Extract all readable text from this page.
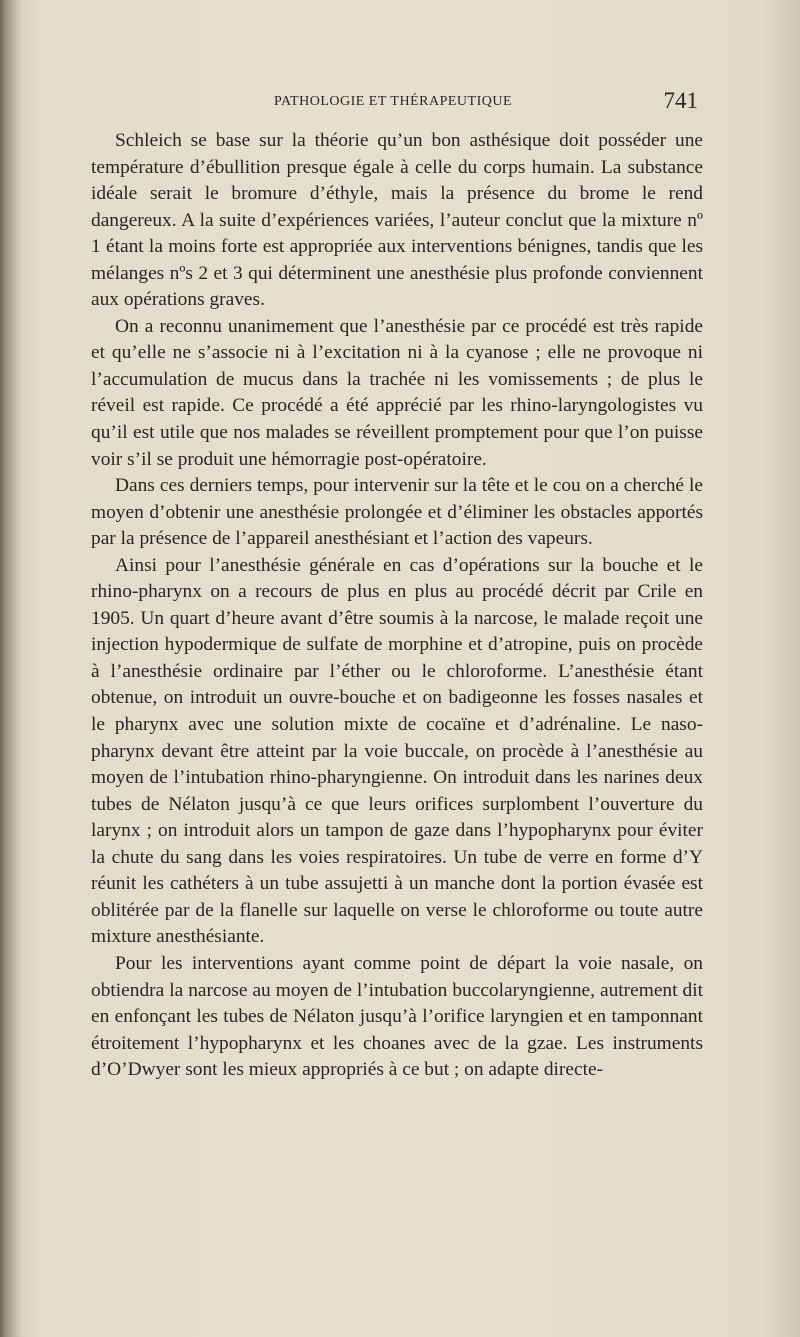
PATHOLOGIE ET THÉRAPEUTIQUE	741

Schleich se base sur la théorie qu’un bon asthésique doit posséder une température d’ébullition presque égale à celle du corps humain. La substance idéale serait le bromure d’éthyle, mais la présence du brome le rend dangereux. A la suite d’expériences variées, l’auteur conclut que la mixture nº 1 étant la moins forte est appropriée aux interventions bénignes, tandis que les mélanges nºs 2 et 3 qui déterminent une anesthésie plus profonde conviennent aux opérations graves.

On a reconnu unanimement que l’anesthésie par ce procédé est très rapide et qu’elle ne s’associe ni à l’excitation ni à la cyanose ; elle ne provoque ni l’accumulation de mucus dans la trachée ni les vomissements ; de plus le réveil est rapide. Ce procédé a été apprécié par les rhino-laryngologistes vu qu’il est utile que nos malades se réveillent promptement pour que l’on puisse voir s’il se produit une hémorragie post-opératoire.

Dans ces derniers temps, pour intervenir sur la tête et le cou on a cherché le moyen d’obtenir une anesthésie prolongée et d’éliminer les obstacles apportés par la présence de l’appareil anesthésiant et l’action des vapeurs.

Ainsi pour l’anesthésie générale en cas d’opérations sur la bouche et le rhino-pharynx on a recours de plus en plus au procédé décrit par Crile en 1905. Un quart d’heure avant d’être soumis à la narcose, le malade reçoit une injection hypodermique de sulfate de morphine et d’atropine, puis on procède à l’anesthésie ordinaire par l’éther ou le chloroforme. L’anesthésie étant obtenue, on introduit un ouvre-bouche et on badigeonne les fosses nasales et le pharynx avec une solution mixte de cocaïne et d’adrénaline. Le naso-pharynx devant être atteint par la voie buccale, on procède à l’anesthésie au moyen de l’intubation rhino-pharyngienne. On introduit dans les narines deux tubes de Nélaton jusqu’à ce que leurs orifices surplombent l’ouverture du larynx ; on introduit alors un tampon de gaze dans l’hypopharynx pour éviter la chute du sang dans les voies respiratoires. Un tube de verre en forme d’Y réunit les cathéters à un tube assujetti à un manche dont la portion évasée est oblitérée par de la flanelle sur laquelle on verse le chloroforme ou toute autre mixture anesthésiante.

Pour les interventions ayant comme point de départ la voie nasale, on obtiendra la narcose au moyen de l’intubation buccolaryngienne, autrement dit en enfonçant les tubes de Nélaton jusqu’à l’orifice laryngien et en tamponnant étroitement l’hypopharynx et les choanes avec de la gzae. Les instruments d’O’Dwyer sont les mieux appropriés à ce but ; on adapte directe-
